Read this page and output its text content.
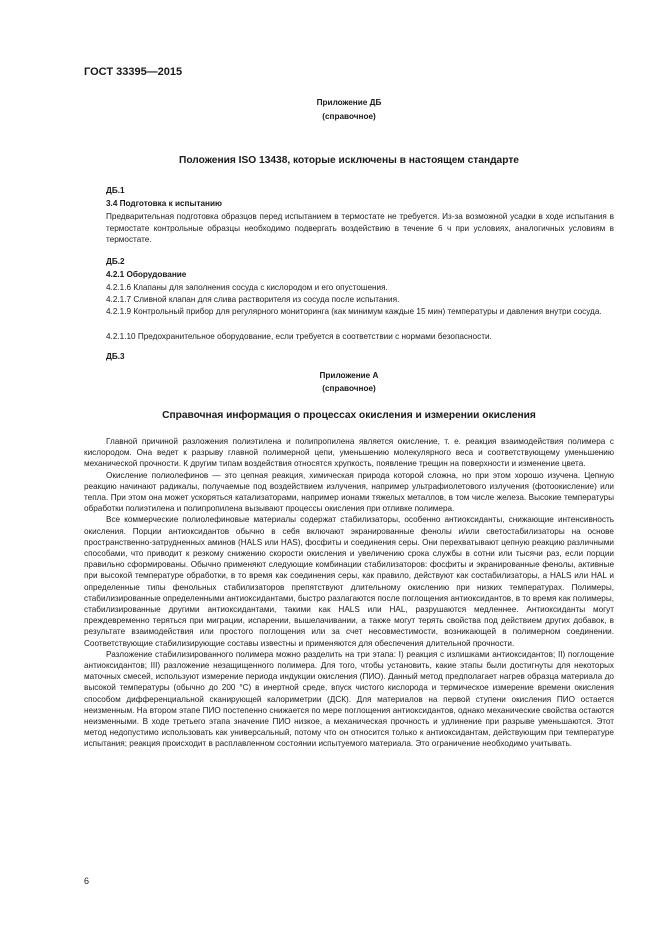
ГОСТ 33395—2015
Приложение ДБ
(справочное)
Положения ISO 13438, которые исключены в настоящем стандарте
ДБ.1
3.4 Подготовка к испытанию
Предварительная подготовка образцов перед испытанием в термостате не требуется. Из-за возможной усадки в ходе испытания в термостате контрольные образцы необходимо подвергать воздействию в течение 6 ч при условиях, аналогичных условиям в термостате.
ДБ.2
4.2.1 Оборудование
4.2.1.6 Клапаны для заполнения сосуда с кислородом и его опустошения.
4.2.1.7 Сливной клапан для слива растворителя из сосуда после испытания.
4.2.1.9 Контрольный прибор для регулярного мониторинга (как минимум каждые 15 мин) температуры и давления внутри сосуда.
4.2.1.10 Предохранительное оборудование, если требуется в соответствии с нормами безопасности.
ДБ.3
Приложение А
(справочное)
Справочная информация о процессах окисления и измерении окисления

Главной причиной разложения полиэтилена и полипропилена является окисление, т. е. реакция взаимодействия полимера с кислородом. Она ведет к разрыву главной полимерной цепи, уменьшению молекулярного веса и соответствующему уменьшению механической прочности. К другим типам воздействия относятся хрупкость, появление трещин на поверхности и изменение цвета.

Окисление полиолефинов — это цепная реакция, химическая природа которой сложна, но при этом хорошо изучена. Цепную реакцию начинают радикалы, получаемые под воздействием излучения, например ультрафиолетового излучения (фотоокисление) или тепла. При этом она может ускоряться катализаторами, например ионами тяжелых металлов, в том числе железа. Высокие температуры обработки полиэтилена и полипропилена вызывают процессы окисления при отливке полимера.

Все коммерческие полиолефиновые материалы содержат стабилизаторы, особенно антиоксиданты, снижающие интенсивность окисления. Порции антиоксидантов обычно в себя включают экранированные фенолы и/или светостабилизаторы на основе пространственно-затрудненных аминов (HALS или HAS), фосфиты и соединения серы. Они перехватывают цепную реакцию различными способами, что приводит к резкому снижению скорости окисления и увеличению срока службы в сотни или тысячи раз, если порции правильно сформированы. Обычно применяют следующие комбинации стабилизаторов: фосфиты и экранированные фенолы, активные при высокой температуре обработки, в то время как соединения серы, как правило, действуют как состабилизаторы, а HALS или HAL и определенные типы фенольных стабилизаторов препятствуют длительному окислению при низких температурах. Полимеры, стабилизированные определенными антиоксидантами, быстро разлагаются после поглощения антиоксидантов, в то время как полимеры, стабилизированные другими антиоксидантами, такими как HALS или HAL, разрушаются медленнее. Антиоксиданты могут преждевременно теряться при миграции, испарении, вышелачивании, а также могут терять свойства под действием других добавок, в результате взаимодействия или простого поглощения или за счет несовместимости, возникающей в полимерном соединении. Соответствующие стабилизирующие составы известны и применяются для обеспечения длительной прочности.

Разложение стабилизированного полимера можно разделить на три этапа: I) реакция с излишками антиоксидантов; II) поглощение антиоксидантов; III) разложение незащищенного полимера. Для того, чтобы установить, какие этапы были достигнуты для некоторых маточных смесей, используют измерение периода индукции окисления (ПИО). Данный метод предполагает нагрев образца материала до высокой температуры (обычно до 200 °C) в инертной среде, впуск чистого кислорода и термическое измерение времени окисления способом дифференциальной сканирующей калориметрии (ДСК). Для материалов на первой ступени окисления ПИО остается неизменным. На втором этапе ПИО постепенно снижается по мере поглощения антиоксидантов, однако механические свойства остаются неизменными. В ходе третьего этапа значение ПИО низкое, а механическая прочность и удлинение при разрыве уменьшаются. Этот метод недопустимо использовать как универсальный, потому что он относится только к антиоксидантам, действующим при температуре испытания; реакция происходит в расплавленном состоянии испытуемого материала. Это ограничение необходимо учитывать.

6
